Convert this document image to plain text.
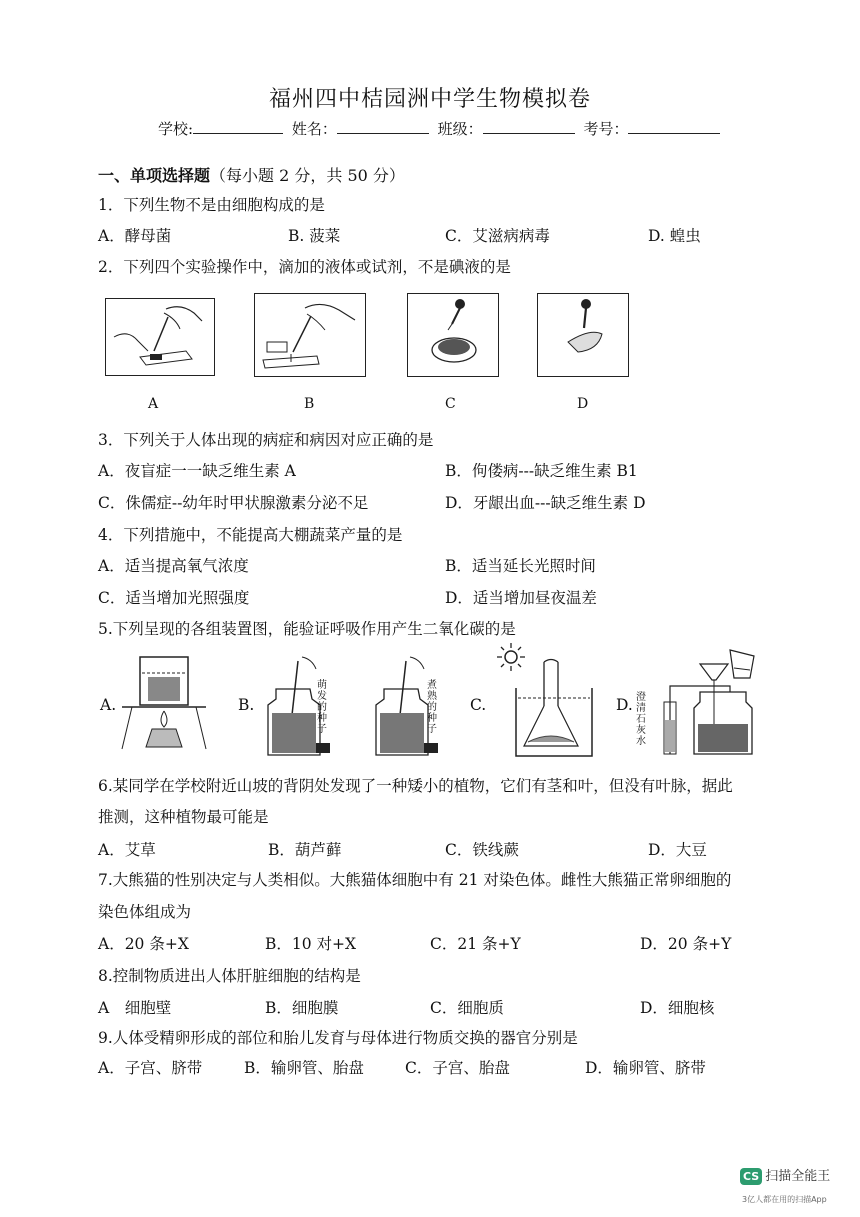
福州四中桔园洲中学生物模拟卷
学校:	姓名：	班级：	考号：
一、单项选择题（每小题 2 分，共 50 分）
1．下列生物不是由细胞构成的是
A．酵母菌	B. 菠菜	C．艾滋病病毒	D. 蝗虫
2．下列四个实验操作中，滴加的液体或试剂，不是碘液的是
A	B	C	D
3．下列关于人体出现的病症和病因对应正确的是
A．夜盲症一一缺乏维生素 A	B．佝偻病---缺乏维生素 B1
C．侏儒症--幼年时甲状腺激素分泌不足	D．牙龈出血---缺乏维生素 D
4．下列措施中，不能提高大棚蔬菜产量的是
A．适当提高氧气浓度	B．适当延长光照时间
C．适当增加光照强度	D．适当增加昼夜温差
5.下列呈现的各组装置图，能验证呼吸作用产生二氧化碳的是
A.	B.
萌发的种子
煮熟的种子
C.	D. 澄清石灰水
6.某同学在学校附近山坡的背阴处发现了一种矮小的植物，它们有茎和叶，但没有叶脉，据此
推测，这种植物最可能是
A．艾草	B．葫芦藓	C．铁线蕨	D．大豆
7.大熊猫的性别决定与人类相似。大熊猫体细胞中有 21 对染色体。雌性大熊猫正常卵细胞的
染色体组成为
A．20 条+X	B．10 对+X	C．21 条+Y	D．20 条+Y
8.控制物质进出人体肝脏细胞的结构是
A　细胞壁	B．细胞膜	C．细胞质	D．细胞核
9.人体受精卵形成的部位和胎儿发育与母体进行物质交换的器官分别是
A．子宫、脐带	B．输卵管、胎盘	C．子宫、胎盘	D．输卵管、脐带
CS 扫描全能王
3亿人都在用的扫描App
